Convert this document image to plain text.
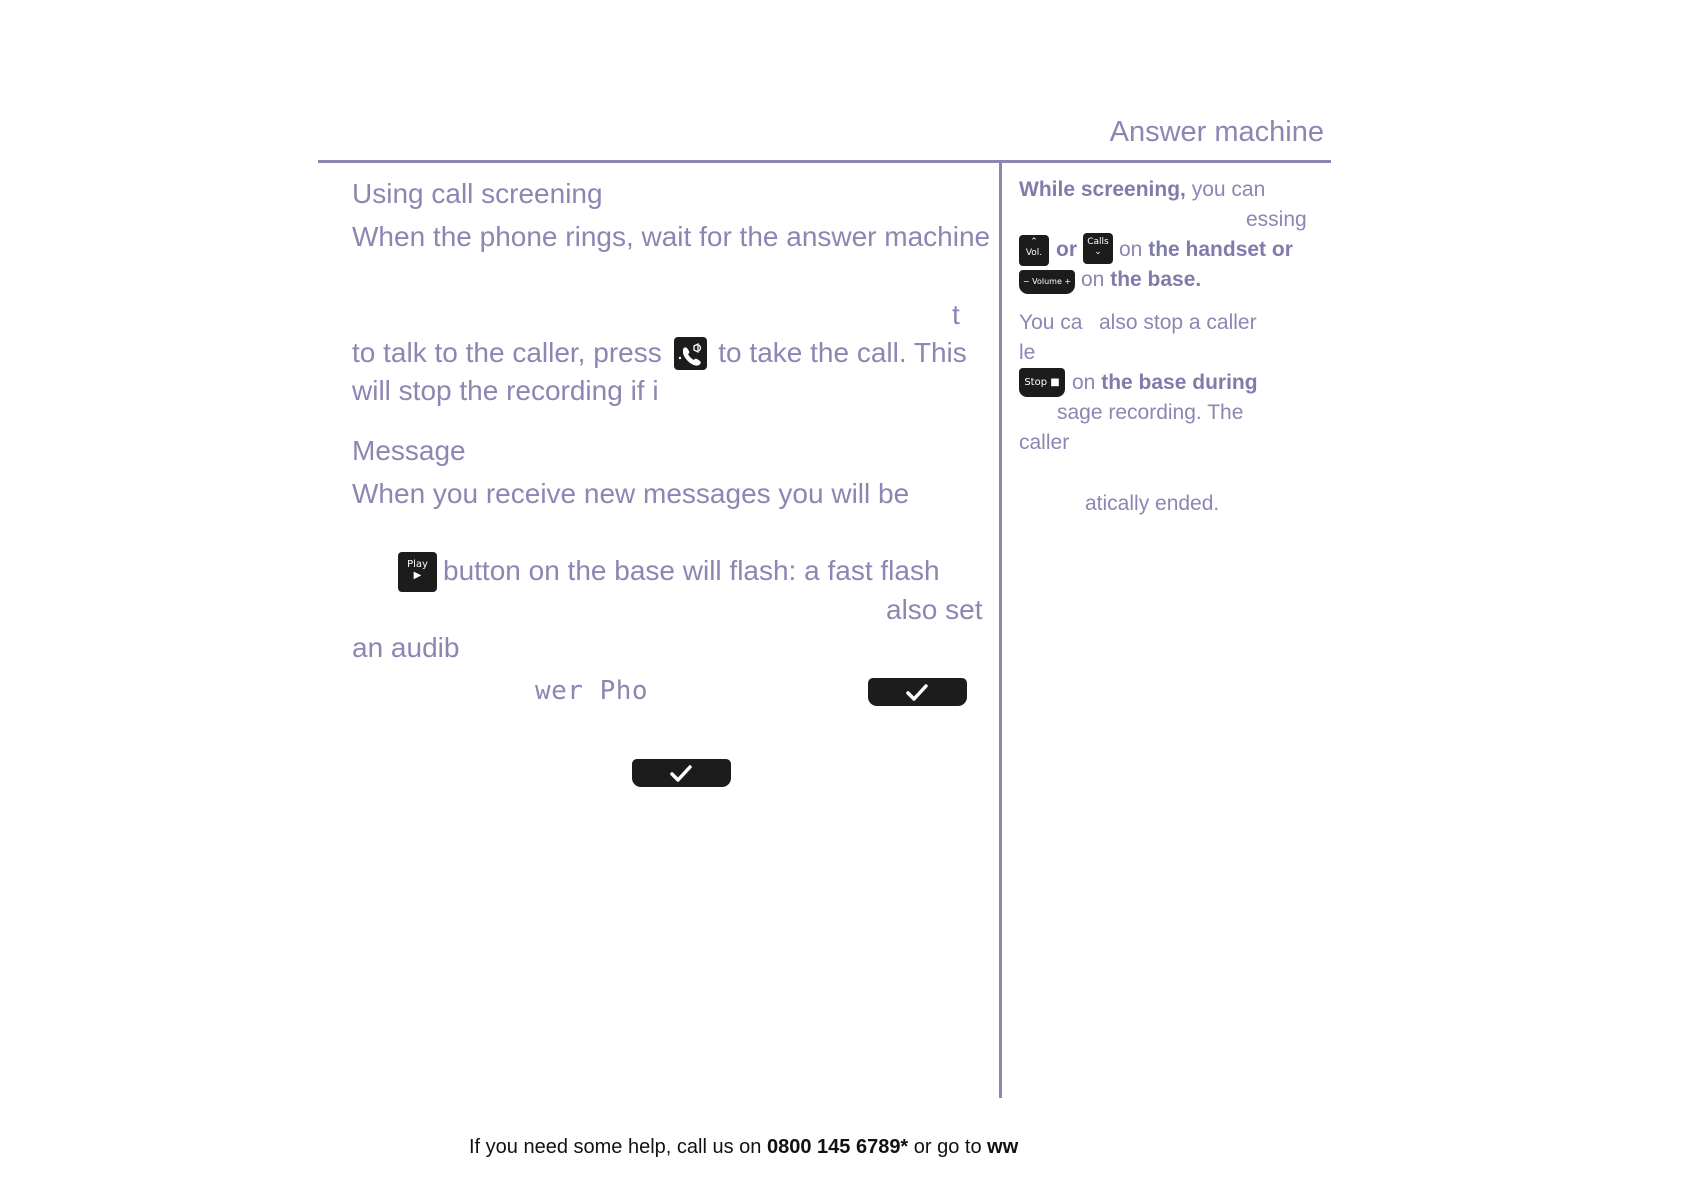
Answer machine
Using call screening
When the phone rings, wait for the answer machine
t
to talk to the caller, press to take the call. This
will stop the recording if i
Message
When you receive new messages you will be
Play
▶ button on the base will flash: a fast flash
also set
an audib
wer Pho
While screening, you can
essing
⌃
Vol. or	Calls
⌄ on the handset or
− Volume + on the base.
You ca also stop a caller
le
Stop ■ on the base during
sage recording. The
caller
atically ended.
If you need some help, call us on 0800 145 6789* or go to ww
